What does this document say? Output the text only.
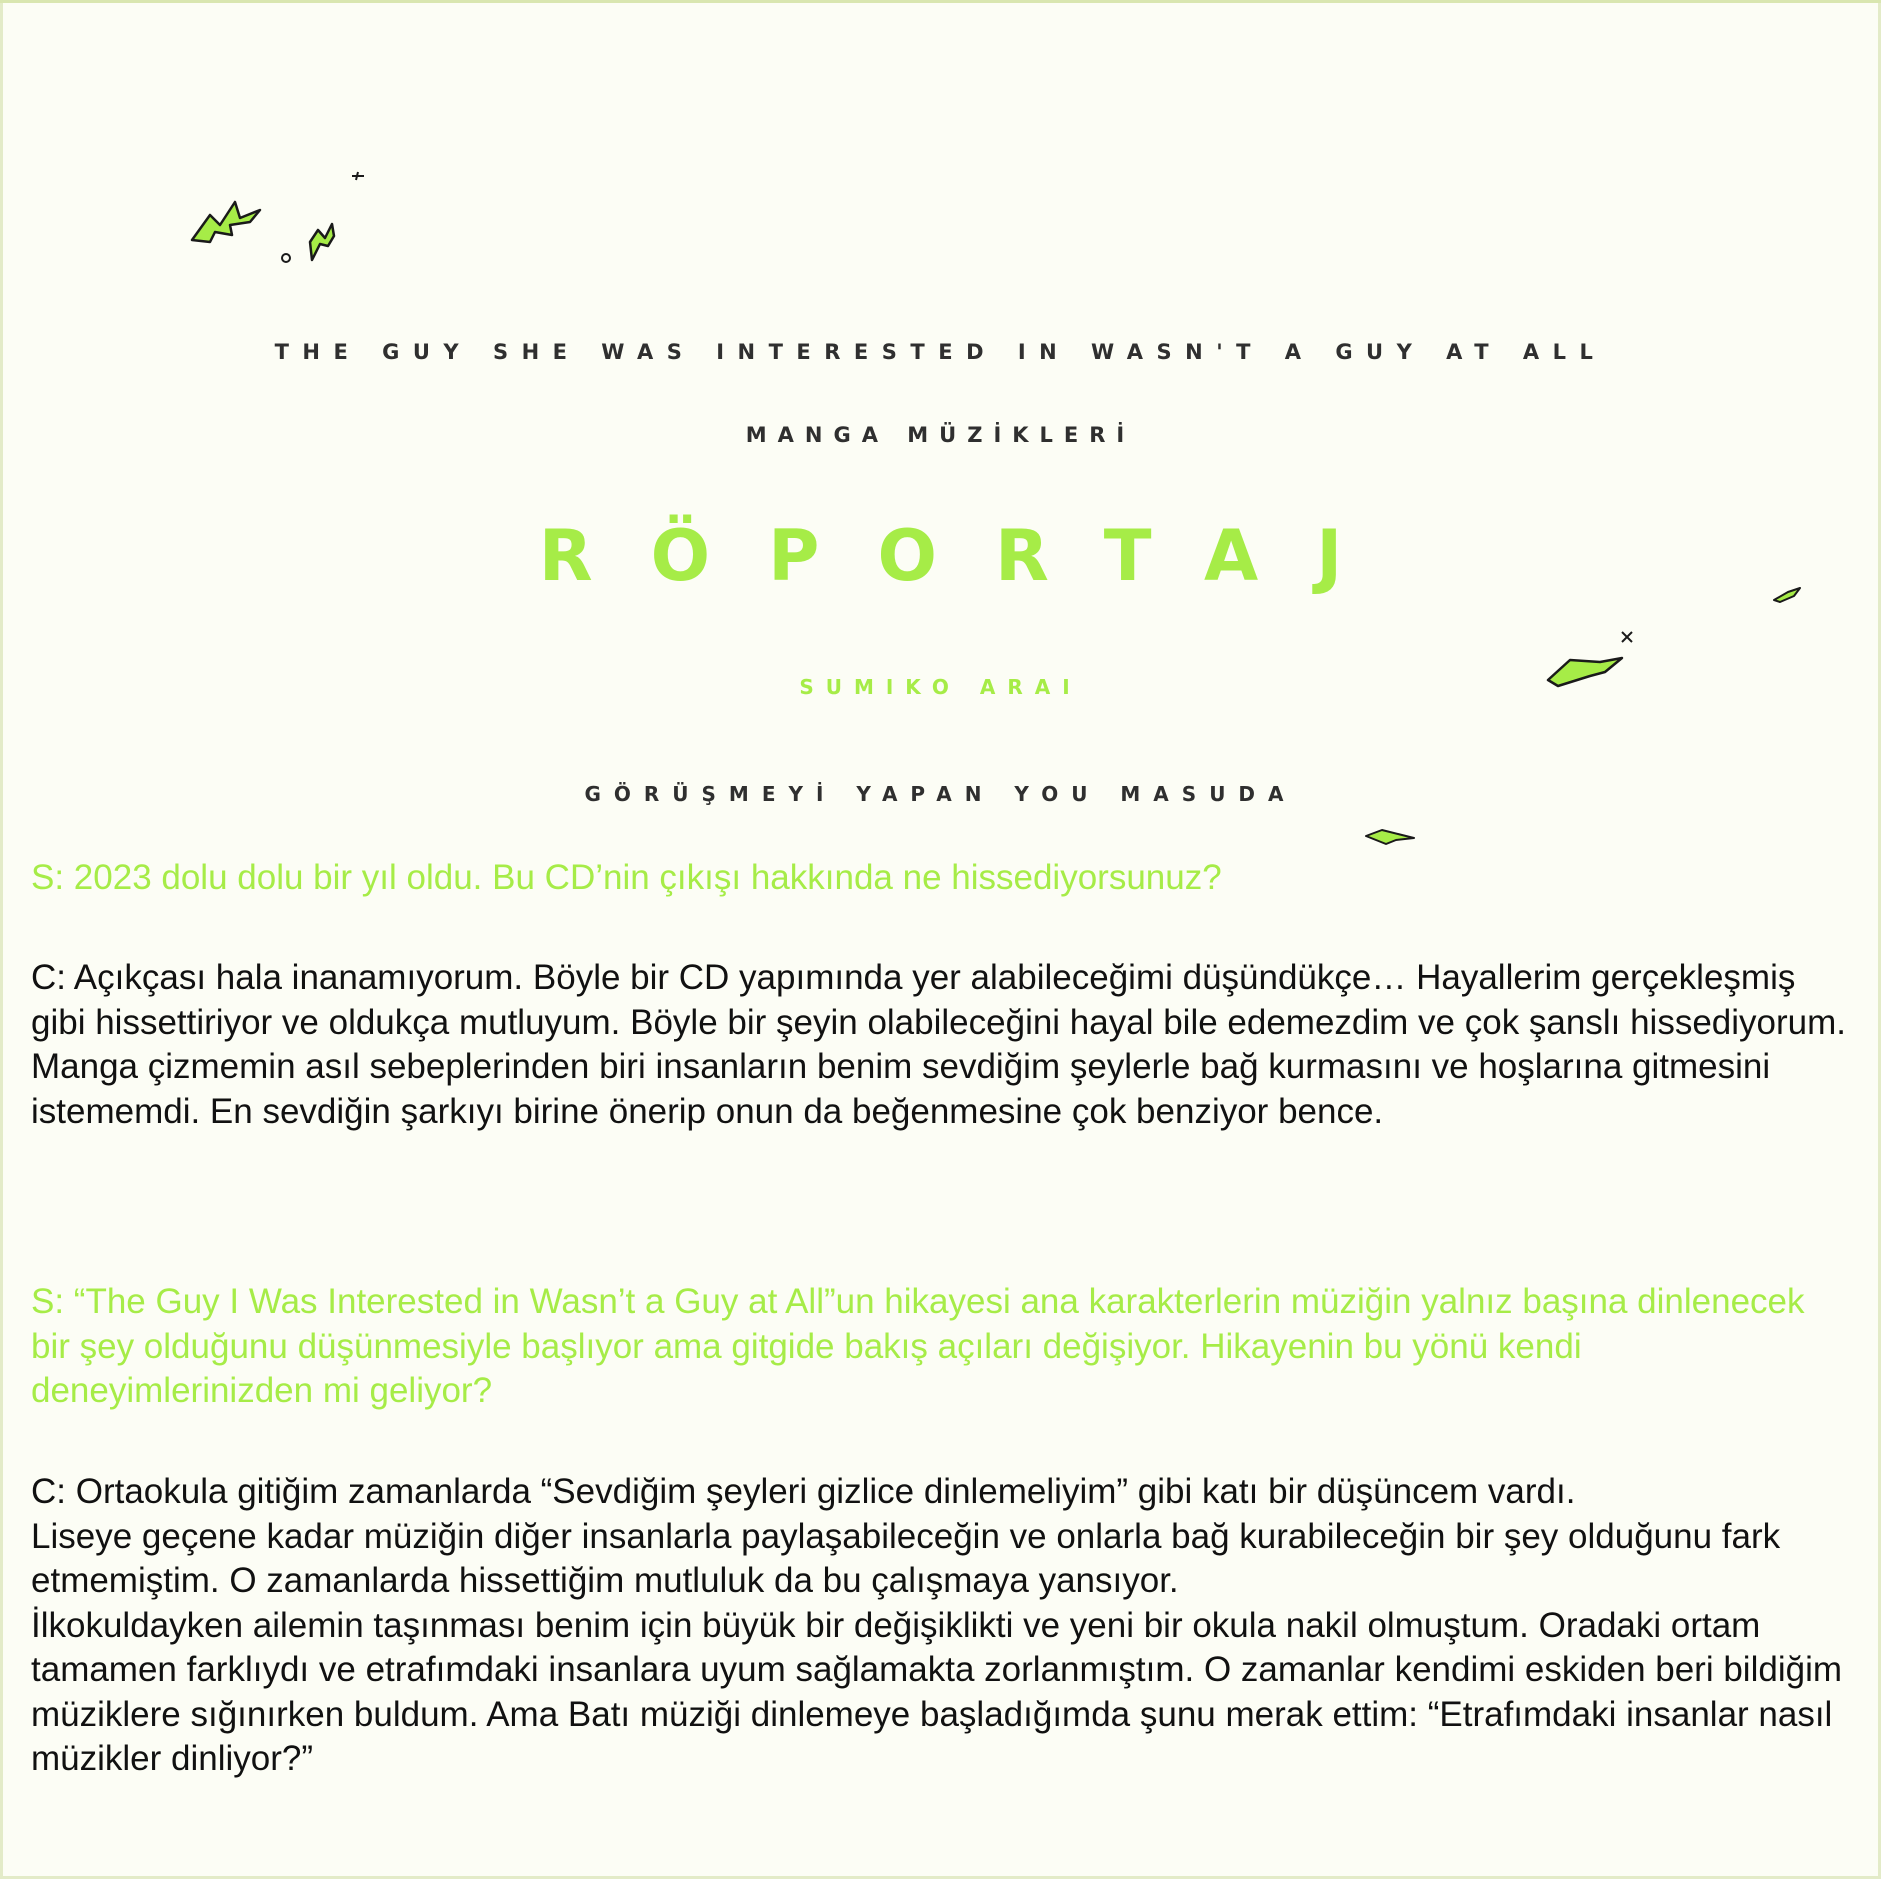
THE GUY SHE WAS INTERESTED IN WASN'T A GUY AT ALL
MANGA MÜZİKLERİ
RÖPORTAJ
SUMIKO ARAI
GÖRÜŞMEYİ YAPAN YOU MASUDA

S: 2023 dolu dolu bir yıl oldu. Bu CD’nin çıkışı hakkında ne hissediyorsunuz?

C: Açıkçası hala inanamıyorum. Böyle bir CD yapımında yer alabileceğimi düşündükçe… Hayallerim gerçekleşmiş gibi hissettiriyor ve oldukça mutluyum. Böyle bir şeyin olabileceğini hayal bile edemezdim ve çok şanslı hissediyorum.

Manga çizmemin asıl sebeplerinden biri insanların benim sevdiğim şeylerle bağ kurmasını ve hoşlarına gitmesini istememdi. En sevdiğin şarkıyı birine önerip onun da beğenmesine çok benziyor bence.

S: “The Guy I Was Interested in Wasn’t a Guy at All”un hikayesi ana karakterlerin müziğin yalnız başına dinlenecek bir şey olduğunu düşünmesiyle başlıyor ama gitgide bakış açıları değişiyor. Hikayenin bu yönü kendi deneyimlerinizden mi geliyor?

C: Ortaokula gitiğim zamanlarda “Sevdiğim şeyleri gizlice dinlemeliyim” gibi katı bir düşüncem vardı.

Liseye geçene kadar müziğin diğer insanlarla paylaşabileceğin ve onlarla bağ kurabileceğin bir şey olduğunu fark etmemiştim. O zamanlarda hissettiğim mutluluk da bu çalışmaya yansıyor.

İlkokuldayken ailemin taşınması benim için büyük bir değişiklikti ve yeni bir okula nakil olmuştum. Oradaki ortam tamamen farklıydı ve etrafımdaki insanlara uyum sağlamakta zorlanmıştım. O zamanlar kendimi eskiden beri bildiğim müziklere sığınırken buldum. Ama Batı müziği dinlemeye başladığımda şunu merak ettim: “Etrafımdaki insanlar nasıl müzikler dinliyor?”
